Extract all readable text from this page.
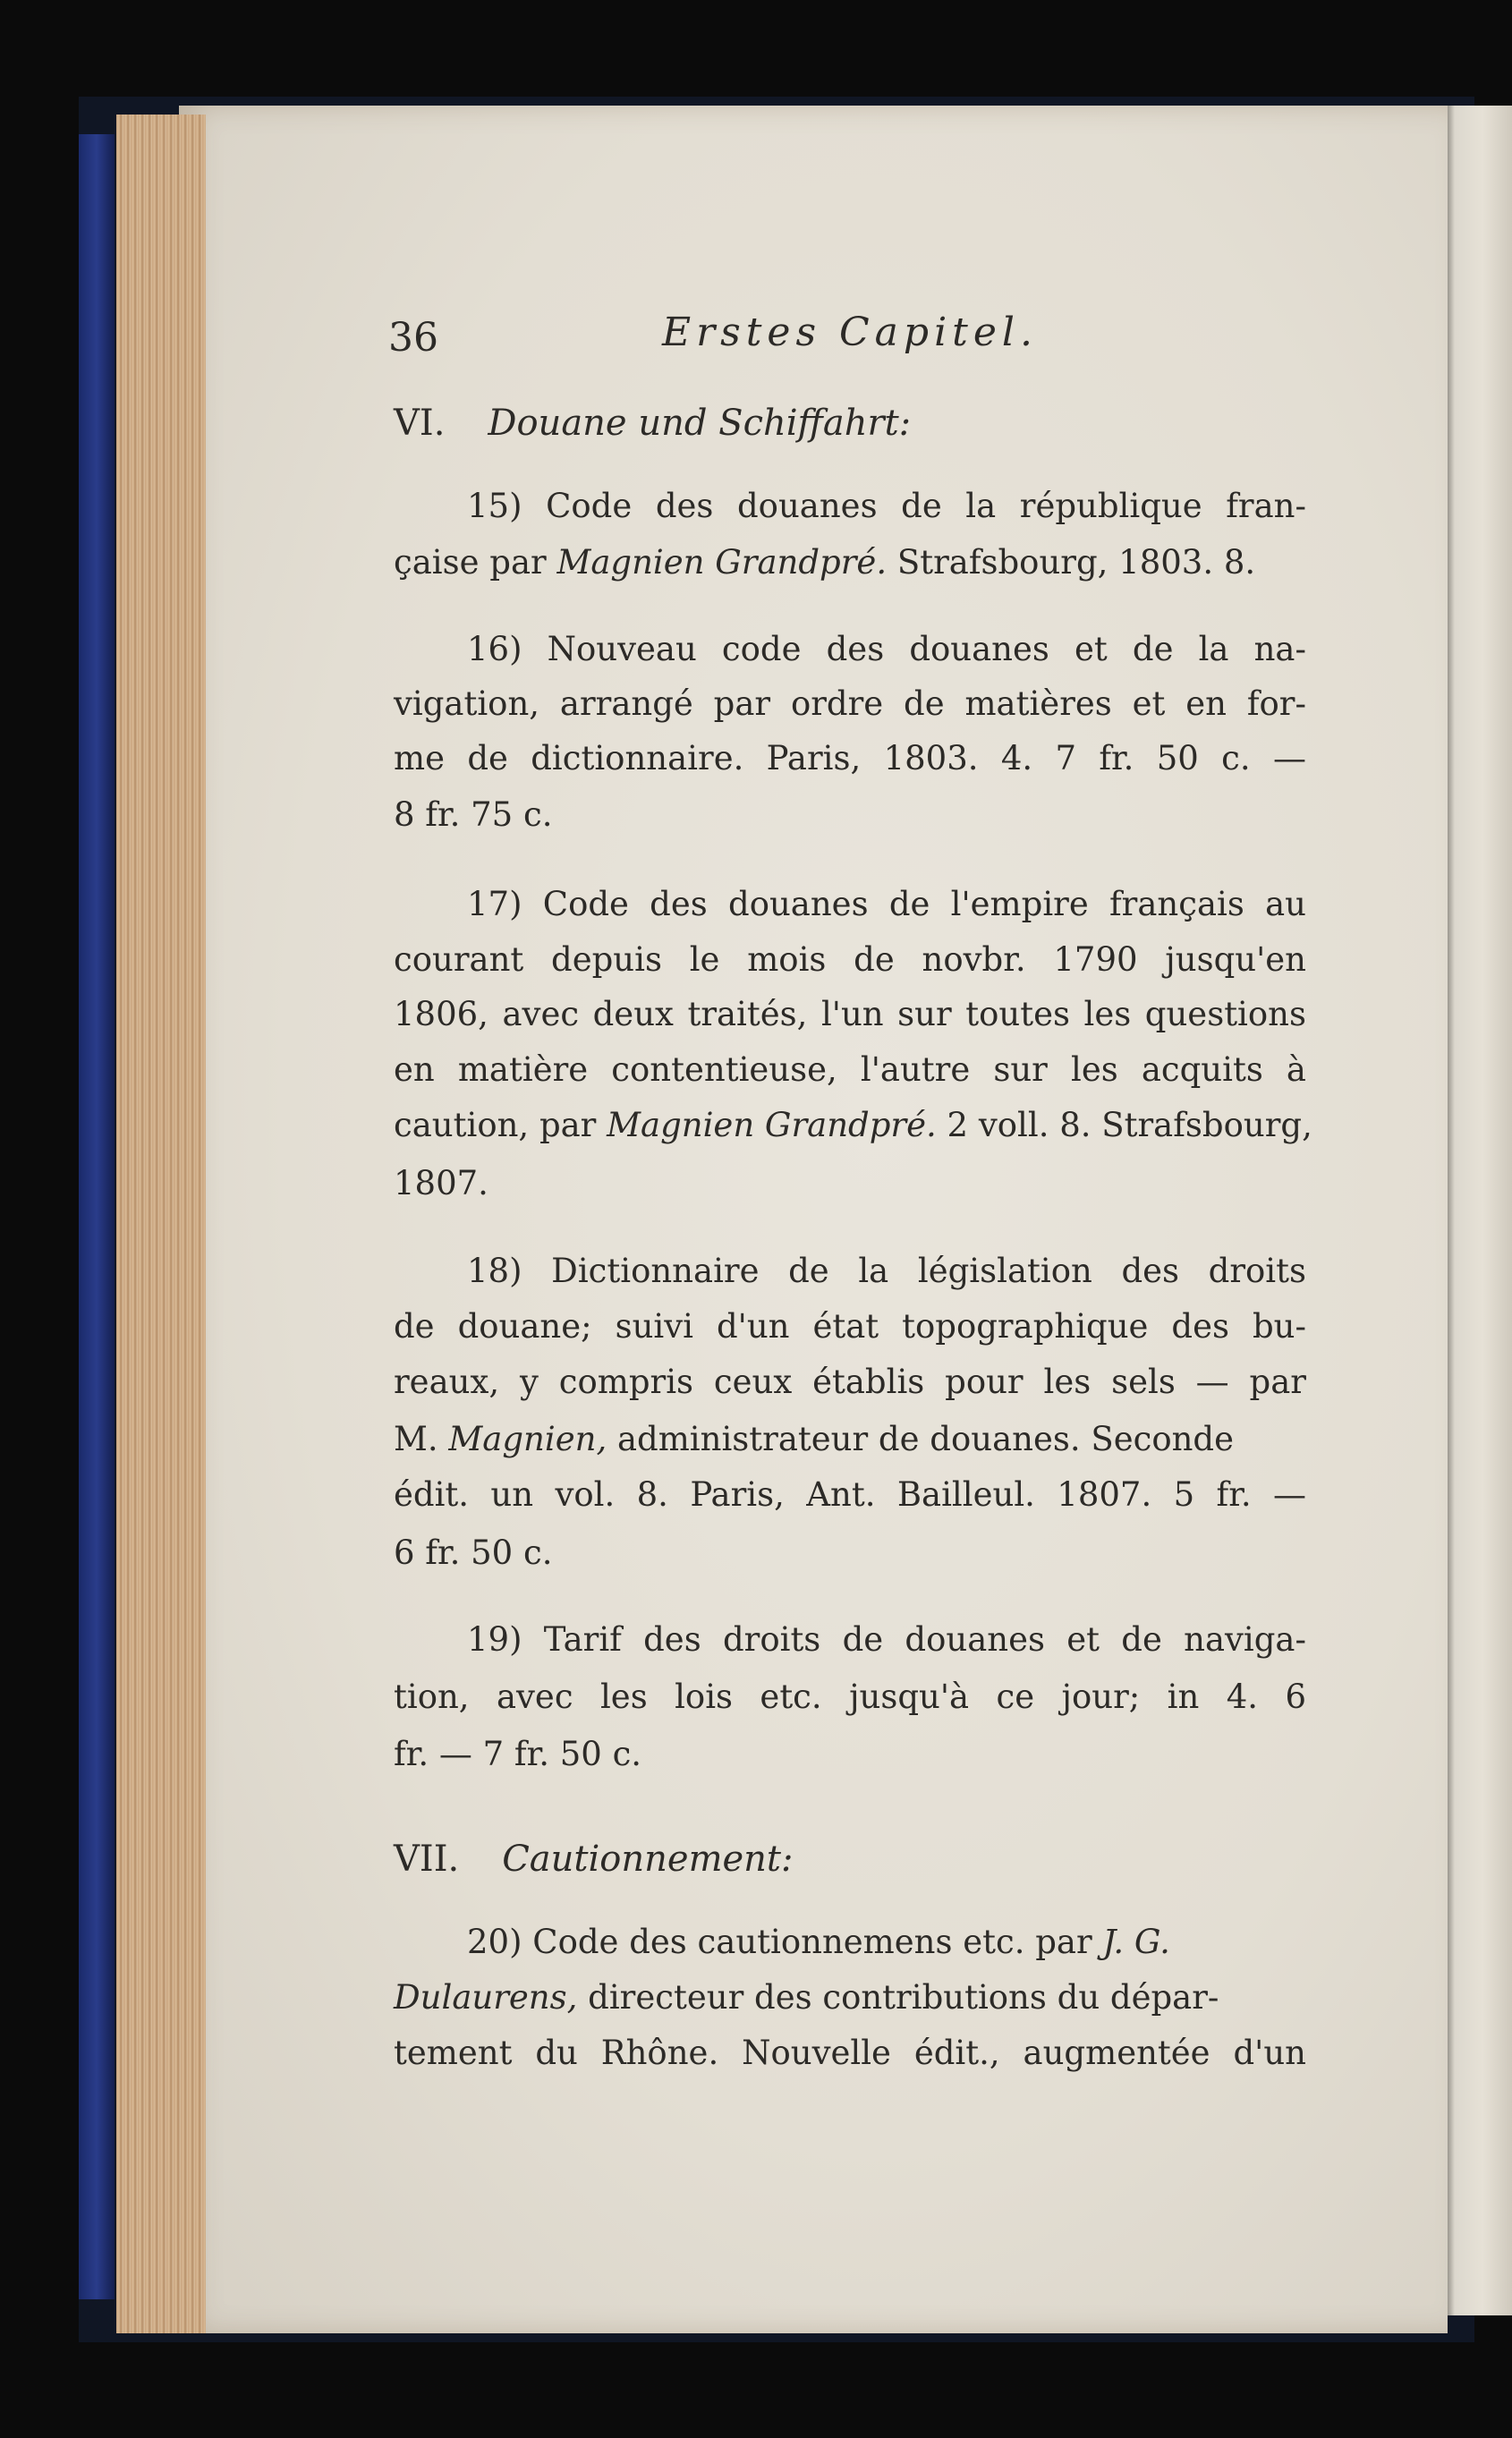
36	Erstes Capitel.
VI. Douane und Schiffahrt:
15) Code des douanes de la république fran-
çaise par Magnien Grandpré. Strafsbourg, 1803. 8.
16) Nouveau code des douanes et de la na-
vigation, arrangé par ordre de matières et en for-
me de dictionnaire. Paris, 1803. 4. 7 fr. 50 c. —
8 fr. 75 c.
17) Code des douanes de l'empire français au
courant depuis le mois de novbr. 1790 jusqu'en
1806, avec deux traités, l'un sur toutes les questions
en matière contentieuse, l'autre sur les acquits à
caution, par Magnien Grandpré. 2 voll. 8. Strafsbourg,
1807.
18) Dictionnaire de la législation des droits
de douane; suivi d'un état topographique des bu-
reaux, y compris ceux établis pour les sels — par
M. Magnien, administrateur de douanes. Seconde
édit. un vol. 8. Paris, Ant. Bailleul. 1807. 5 fr. —
6 fr. 50 c.
19) Tarif des droits de douanes et de naviga-
tion, avec les lois etc. jusqu'à ce jour; in 4. 6
fr. — 7 fr. 50 c.
VII. Cautionnement:
20) Code des cautionnemens etc. par J. G.
Dulaurens, directeur des contributions du dépar-
tement du Rhône. Nouvelle édit., augmentée d'un
